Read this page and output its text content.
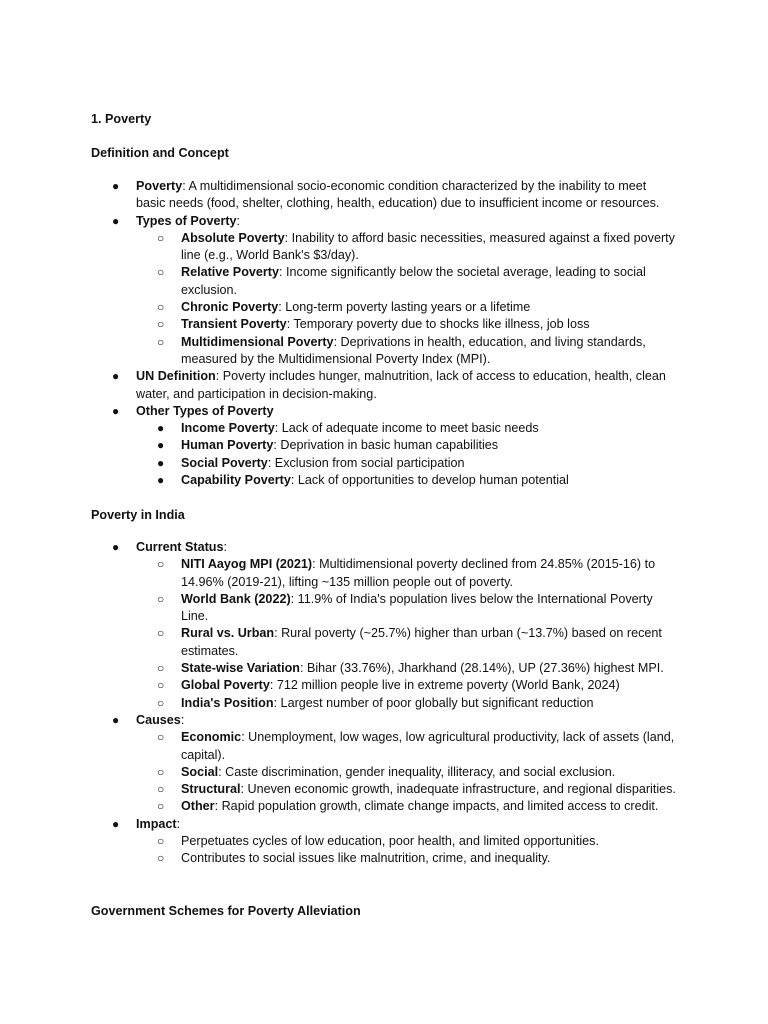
1. Poverty

Definition and Concept

●
Poverty: A multidimensional socio-economic condition characterized by the inability to meet basic needs (food, shelter, clothing, health, education) due to insufficient income or resources.
●
Types of Poverty:
○
Absolute Poverty: Inability to afford basic necessities, measured against a fixed poverty line (e.g., World Bank's $3/day).
○
Relative Poverty: Income significantly below the societal average, leading to social exclusion.
○
Chronic Poverty: Long-term poverty lasting years or a lifetime
○
Transient Poverty: Temporary poverty due to shocks like illness, job loss
○
Multidimensional Poverty: Deprivations in health, education, and living standards, measured by the Multidimensional Poverty Index (MPI).
●
UN Definition: Poverty includes hunger, malnutrition, lack of access to education, health, clean water, and participation in decision-making.
●
Other Types of Poverty
●
Income Poverty: Lack of adequate income to meet basic needs
●
Human Poverty: Deprivation in basic human capabilities
●
Social Poverty: Exclusion from social participation
●
Capability Poverty: Lack of opportunities to develop human potential

Poverty in India

●
Current Status:
○
NITI Aayog MPI (2021): Multidimensional poverty declined from 24.85% (2015-16) to 14.96% (2019-21), lifting ~135 million people out of poverty.
○
World Bank (2022): 11.9% of India's population lives below the International Poverty Line.
○
Rural vs. Urban: Rural poverty (~25.7%) higher than urban (~13.7%) based on recent estimates.
○
State-wise Variation: Bihar (33.76%), Jharkhand (28.14%), UP (27.36%) highest MPI.
○
Global Poverty: 712 million people live in extreme poverty (World Bank, 2024)
○
India's Position: Largest number of poor globally but significant reduction
●
Causes:
○
Economic: Unemployment, low wages, low agricultural productivity, lack of assets (land, capital).
○
Social: Caste discrimination, gender inequality, illiteracy, and social exclusion.
○
Structural: Uneven economic growth, inadequate infrastructure, and regional disparities.
○
Other: Rapid population growth, climate change impacts, and limited access to credit.
●
Impact:
○
Perpetuates cycles of low education, poor health, and limited opportunities.
○
Contributes to social issues like malnutrition, crime, and inequality.

Government Schemes for Poverty Alleviation
